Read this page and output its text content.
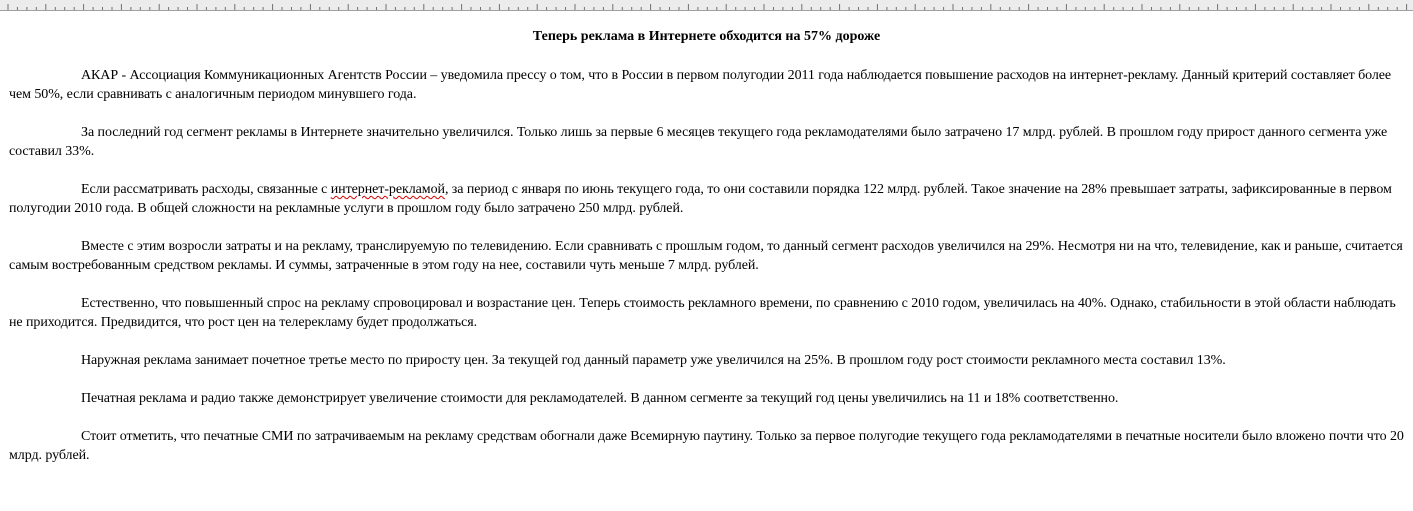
Теперь реклама в Интернете обходится на 57% дороже

АКАР - Ассоциация Коммуникационных Агентств России – уведомила прессу о том, что в России в первом полугодии 2011 года наблюдается повышение расходов на интернет-рекламу. Данный критерий составляет более чем 50%, если сравнивать с аналогичным периодом минувшего года.

За последний год сегмент рекламы в Интернете значительно увеличился. Только лишь за первые 6 месяцев текущего года рекламодателями было затрачено 17 млрд. рублей. В прошлом году прирост данного сегмента уже составил 33%.

Если рассматривать расходы, связанные с интернет-рекламой, за период с января по июнь текущего года, то они составили порядка 122 млрд. рублей. Такое значение на 28% превышает затраты, зафиксированные в первом полугодии 2010 года. В общей сложности на рекламные услуги в прошлом году было затрачено 250 млрд. рублей.

Вместе с этим возросли затраты и на рекламу, транслируемую по телевидению. Если сравнивать с прошлым годом, то данный сегмент расходов увеличился на 29%. Несмотря ни на что, телевидение, как и раньше, считается самым востребованным средством рекламы. И суммы, затраченные в этом году на нее, составили чуть меньше 7 млрд. рублей.

Естественно, что повышенный спрос на рекламу спровоцировал и возрастание цен. Теперь стоимость рекламного времени, по сравнению с 2010 годом, увеличилась на 40%. Однако, стабильности в этой области наблюдать не приходится. Предвидится, что рост цен на телерекламу будет продолжаться.

Наружная реклама занимает почетное третье место по приросту цен. За текущей год данный параметр уже увеличился на 25%. В прошлом году рост стоимости рекламного места составил 13%.

Печатная реклама и радио также демонстрирует увеличение стоимости для рекламодателей. В данном сегменте за текущий год цены увеличились на 11 и 18% соответственно.

Стоит отметить, что печатные СМИ по затрачиваемым на рекламу средствам обогнали даже Всемирную паутину. Только за первое полугодие текущего года рекламодателями в печатные носители было вложено почти что 20 млрд. рублей.
